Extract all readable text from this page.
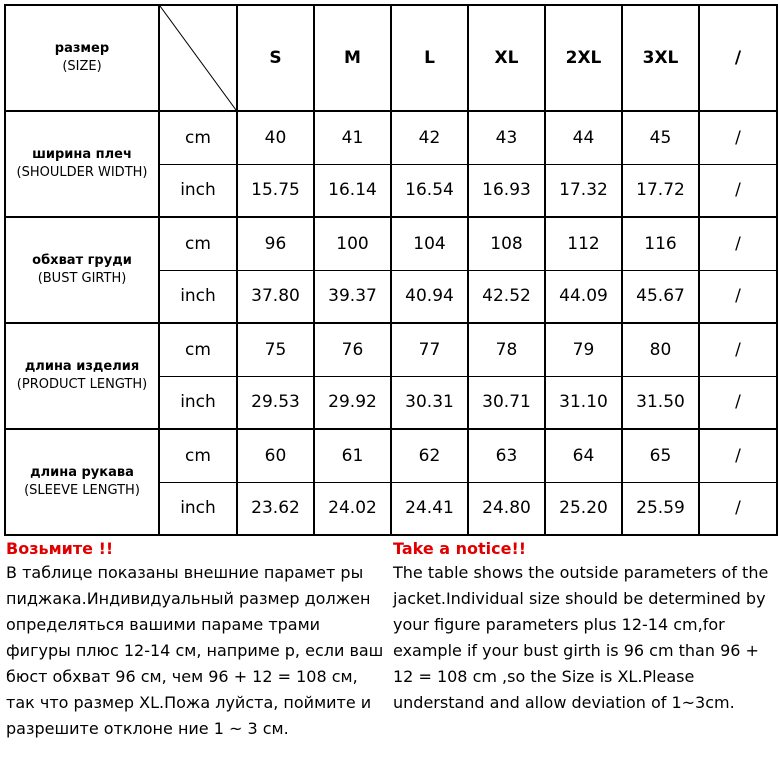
размер
(SIZE)		S	M	L	XL	2XL	3XL	/

ширина плеч
(SHOULDER WIDTH)	cm	40	41	42	43	44	45	/
	inch	15.75	16.14	16.54	16.93	17.32	17.72	/

обхват груди
(BUST GIRTH)	cm	96	100	104	108	112	116	/
	inch	37.80	39.37	40.94	42.52	44.09	45.67	/

длина изделия
(PRODUCT LENGTH)	cm	75	76	77	78	79	80	/
	inch	29.53	29.92	30.31	30.71	31.10	31.50	/

длина рукава
(SLEEVE LENGTH)	cm	60	61	62	63	64	65	/
	inch	23.62	24.02	24.41	24.80	25.20	25.59	/
Возьмите !!
В таблице показаны внешние парамет ры пиджака.Индивидуальный размер должен определяться вашими параме трами фигуры плюс 12-14 см, наприме р, если ваш бюст обхват 96 см, чем 96 + 12 = 108 см, так что размер XL.Пожа луйста, поймите и разрешите отклоне ние 1 ~ 3 см.
Take a notice!!
The table shows the outside parameters of the jacket.Individual size should be determined by your figure parameters plus 12-14 cm,for example if your bust girth is 96 cm than 96 + 12 = 108 cm ,so the Size is XL.Please understand and allow deviation of 1~3cm.
